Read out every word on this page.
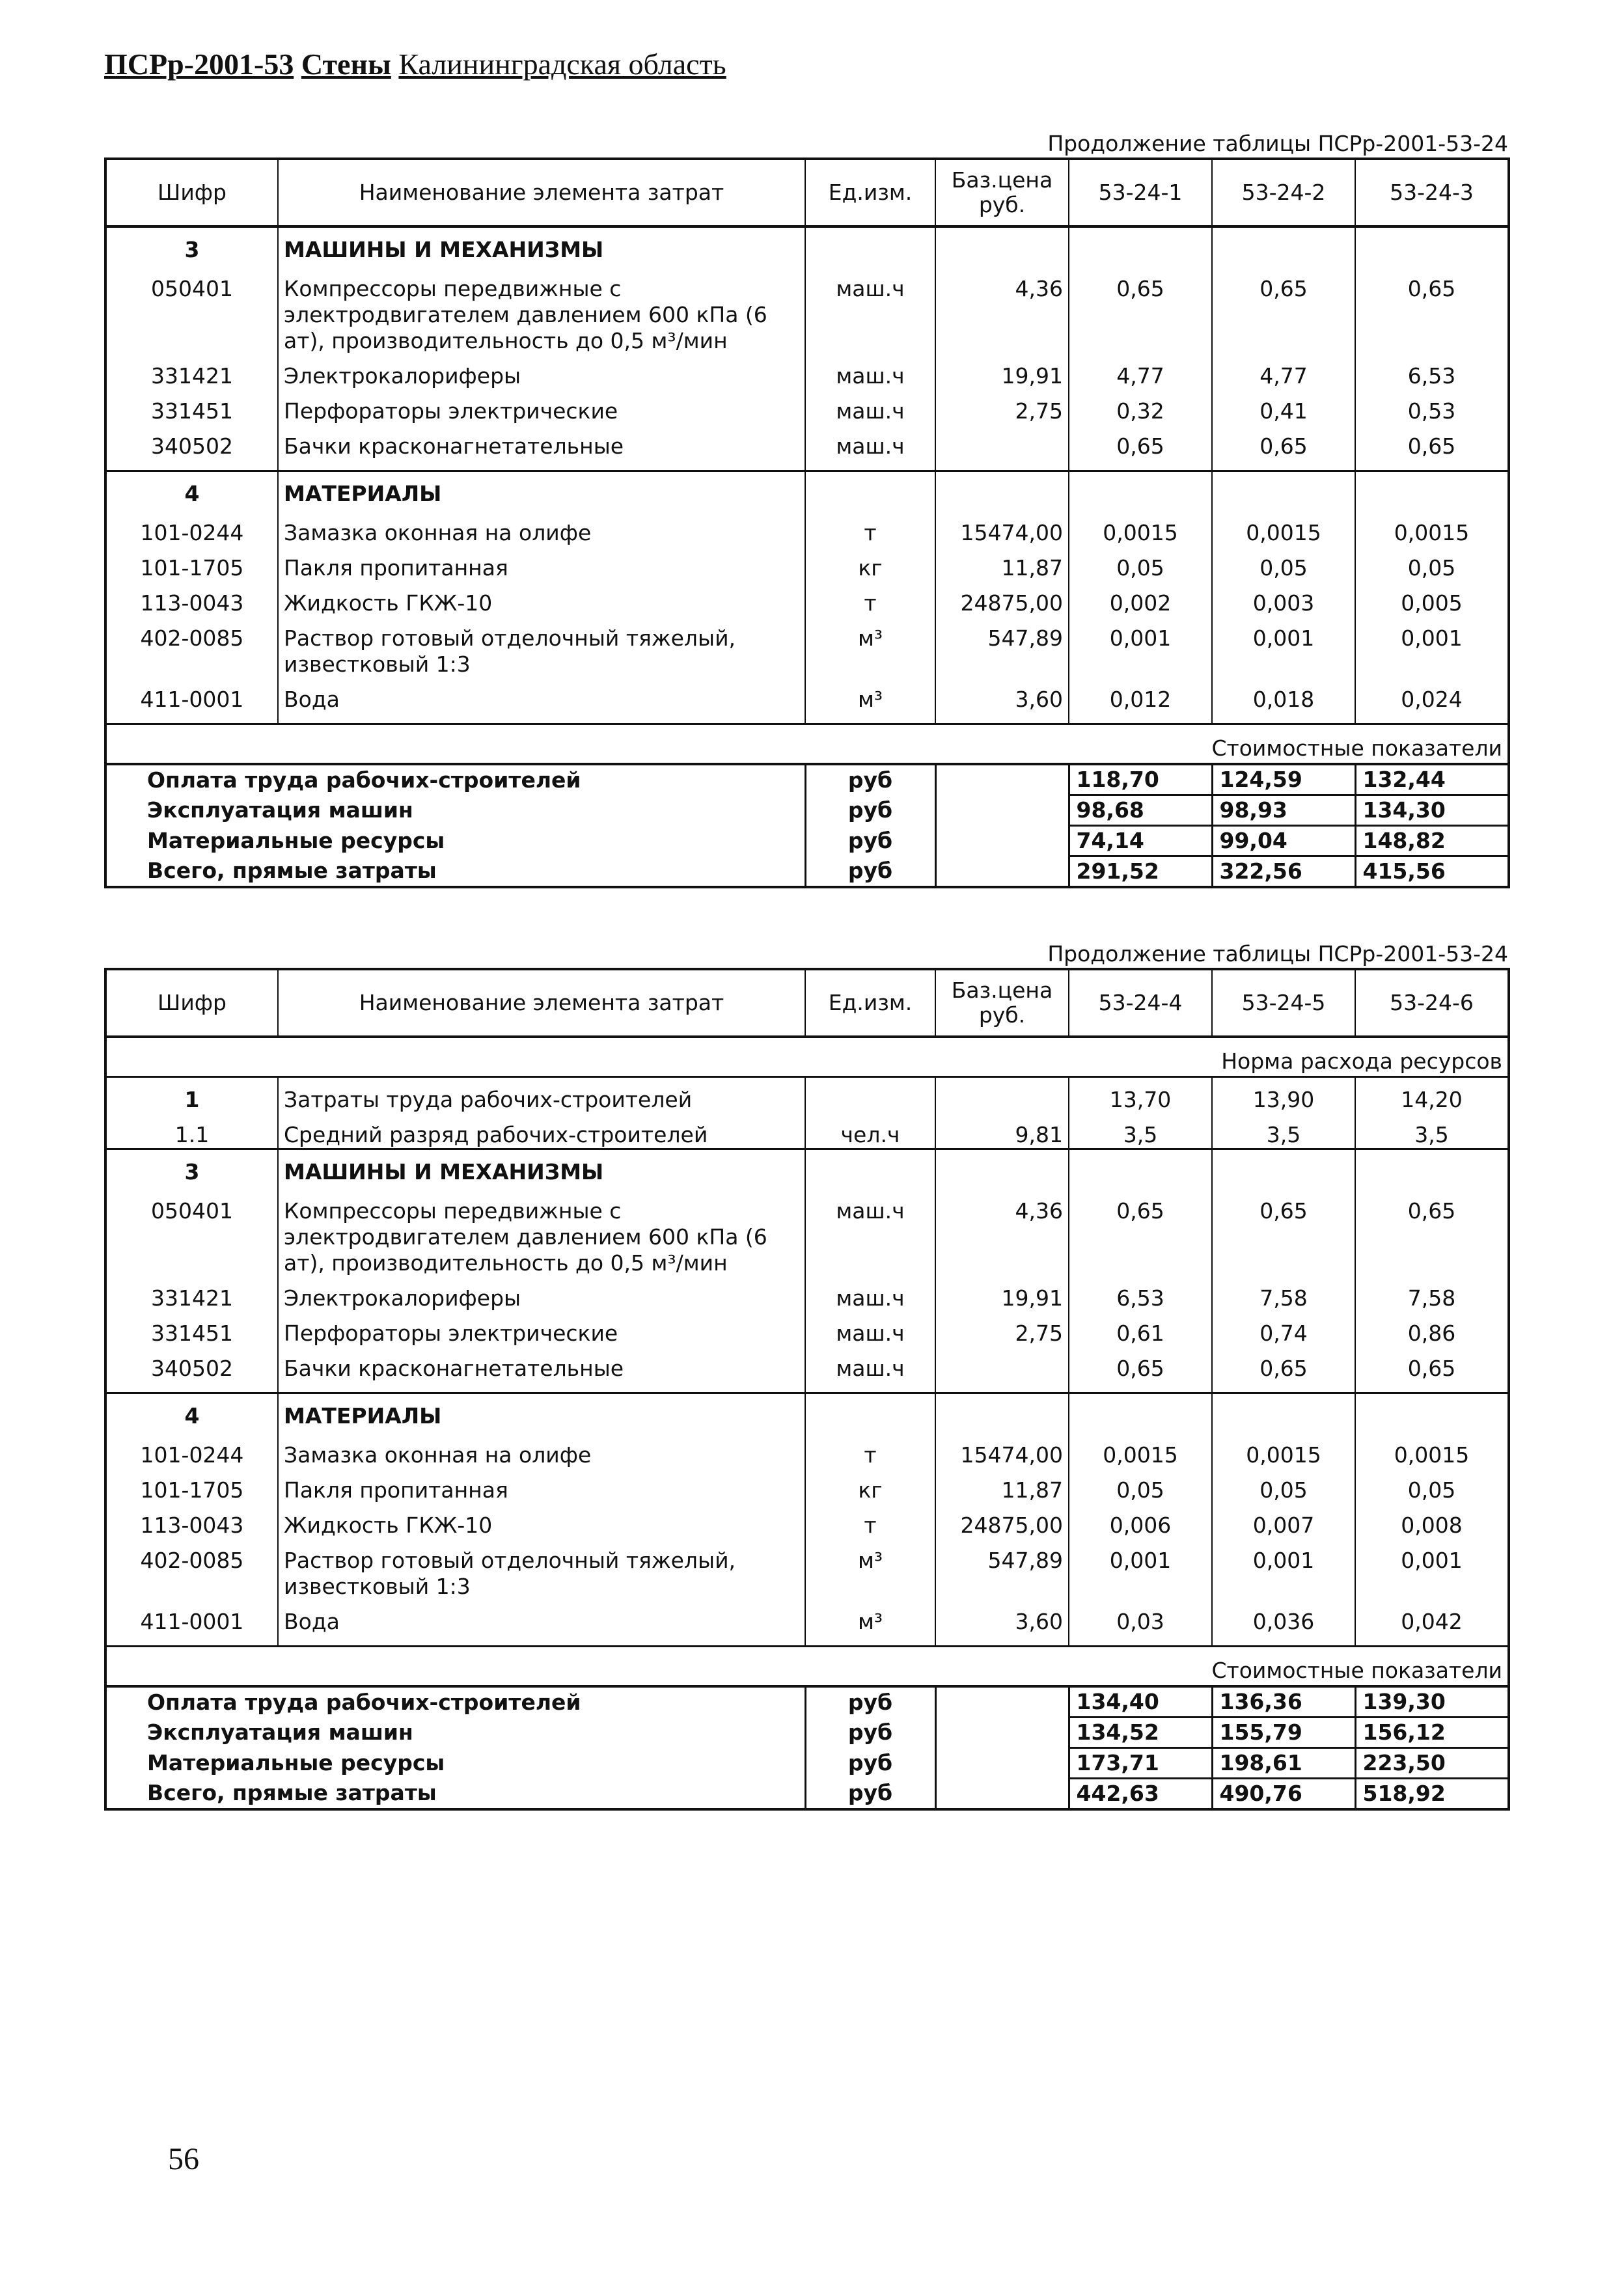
ПСРр-2001-53 Стены Калининградская область
Продолжение таблицы ПСРр-2001-53-24
Шифр	Наименование элемента затрат	Ед.изм.	Баз.цена руб.	53-24-1	53-24-2	53-24-3
3	МАШИНЫ И МЕХАНИЗМЫ					
050401	Компрессоры передвижные с электродвигателем давлением 600 кПа (6 ат), производительность до 0,5 м³/мин	маш.ч	4,36	0,65	0,65	0,65
331421	Электрокалориферы	маш.ч	19,91	4,77	4,77	6,53
331451	Перфораторы электрические	маш.ч	2,75	0,32	0,41	0,53
340502	Бачки красконагнетательные	маш.ч		0,65	0,65	0,65
4	МАТЕРИАЛЫ					
101-0244	Замазка оконная на олифе	т	15474,00	0,0015	0,0015	0,0015
101-1705	Пакля пропитанная	кг	11,87	0,05	0,05	0,05
113-0043	Жидкость ГКЖ-10	т	24875,00	0,002	0,003	0,005
402-0085	Раствор готовый отделочный тяжелый, известковый 1:3	м³	547,89	0,001	0,001	0,001
411-0001	Вода	м³	3,60	0,012	0,018	0,024
Стоимостные показатели						
Оплата труда рабочих-строителей		руб		118,70	124,59	132,44
Эксплуатация машин		руб		98,68	98,93	134,30
Материальные ресурсы		руб		74,14	99,04	148,82
Всего, прямые затраты		руб		291,52	322,56	415,56
Продолжение таблицы ПСРр-2001-53-24
Шифр	Наименование элемента затрат	Ед.изм.	Баз.цена руб.	53-24-4	53-24-5	53-24-6
Норма расхода ресурсов						
1	Затраты труда рабочих-строителей			13,70	13,90	14,20
1.1	Средний разряд рабочих-строителей	чел.ч	9,81	3,5	3,5	3,5
3	МАШИНЫ И МЕХАНИЗМЫ					
050401	Компрессоры передвижные с электродвигателем давлением 600 кПа (6 ат), производительность до 0,5 м³/мин	маш.ч	4,36	0,65	0,65	0,65
331421	Электрокалориферы	маш.ч	19,91	6,53	7,58	7,58
331451	Перфораторы электрические	маш.ч	2,75	0,61	0,74	0,86
340502	Бачки красконагнетательные	маш.ч		0,65	0,65	0,65
4	МАТЕРИАЛЫ					
101-0244	Замазка оконная на олифе	т	15474,00	0,0015	0,0015	0,0015
101-1705	Пакля пропитанная	кг	11,87	0,05	0,05	0,05
113-0043	Жидкость ГКЖ-10	т	24875,00	0,006	0,007	0,008
402-0085	Раствор готовый отделочный тяжелый, известковый 1:3	м³	547,89	0,001	0,001	0,001
411-0001	Вода	м³	3,60	0,03	0,036	0,042
Стоимостные показатели						
Оплата труда рабочих-строителей		руб		134,40	136,36	139,30
Эксплуатация машин		руб		134,52	155,79	156,12
Материальные ресурсы		руб		173,71	198,61	223,50
Всего, прямые затраты		руб		442,63	490,76	518,92
56
